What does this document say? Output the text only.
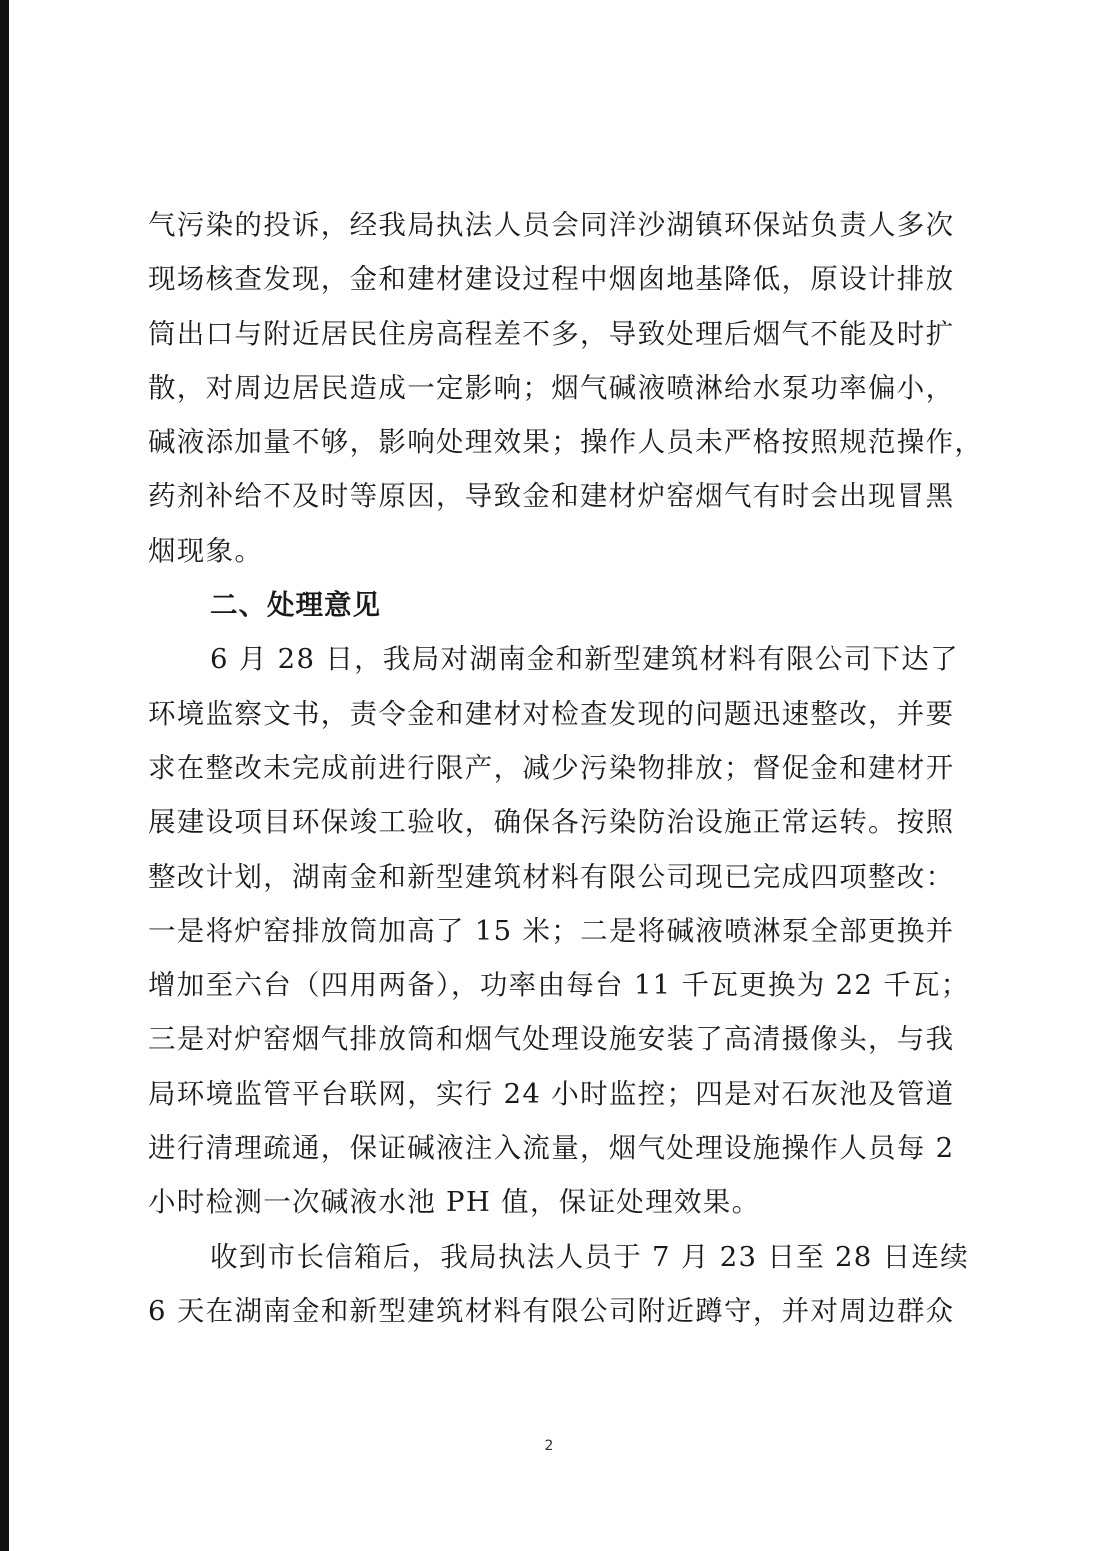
气污染的投诉，经我局执法人员会同洋沙湖镇环保站负责人多次
现场核查发现，金和建材建设过程中烟囱地基降低，原设计排放
筒出口与附近居民住房高程差不多，导致处理后烟气不能及时扩
散，对周边居民造成一定影响；烟气碱液喷淋给水泵功率偏小，
碱液添加量不够，影响处理效果；操作人员未严格按照规范操作，
药剂补给不及时等原因，导致金和建材炉窑烟气有时会出现冒黑
烟现象。
二、处理意见
6 月 28 日，我局对湖南金和新型建筑材料有限公司下达了
环境监察文书，责令金和建材对检查发现的问题迅速整改，并要
求在整改未完成前进行限产，减少污染物排放；督促金和建材开
展建设项目环保竣工验收，确保各污染防治设施正常运转。按照
整改计划，湖南金和新型建筑材料有限公司现已完成四项整改：
一是将炉窑排放筒加高了 15 米；二是将碱液喷淋泵全部更换并
增加至六台（四用两备），功率由每台 11 千瓦更换为 22 千瓦；
三是对炉窑烟气排放筒和烟气处理设施安装了高清摄像头，与我
局环境监管平台联网，实行 24 小时监控；四是对石灰池及管道
进行清理疏通，保证碱液注入流量，烟气处理设施操作人员每 2
小时检测一次碱液水池 PH 值，保证处理效果。
收到市长信箱后，我局执法人员于 7 月 23 日至 28 日连续
6 天在湖南金和新型建筑材料有限公司附近蹲守，并对周边群众
2
